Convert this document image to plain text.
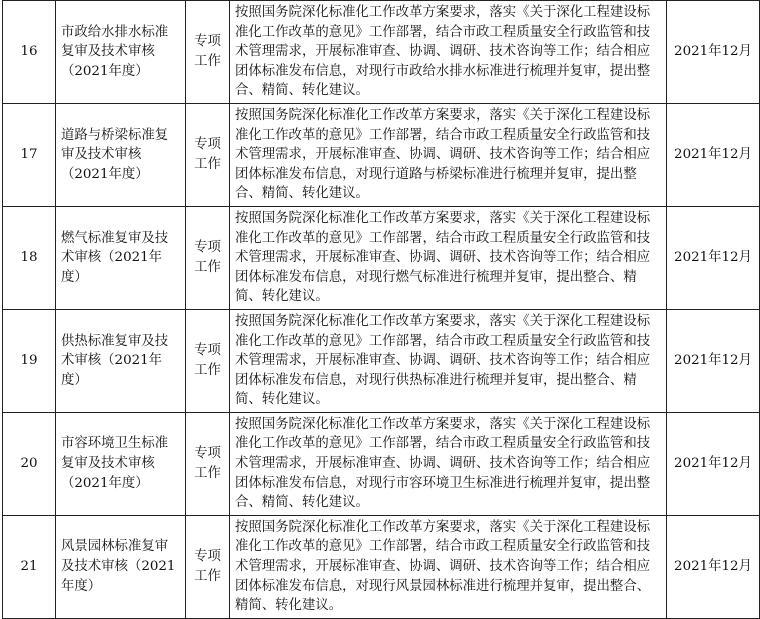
16	市政给水排水标准复审及技术审核（2021年度）	专项工作	按照国务院深化标准化工作改革方案要求，落实《关于深化工程建设标准化工作改革的意见》工作部署，结合市政工程质量安全行政监管和技术管理需求，开展标准审查、协调、调研、技术咨询等工作；结合相应团体标准发布信息，对现行市政给水排水标准进行梳理并复审，提出整合、精简、转化建议。	2021年12月
17	道路与桥梁标准复审及技术审核（2021年度）	专项工作	按照国务院深化标准化工作改革方案要求，落实《关于深化工程建设标准化工作改革的意见》工作部署，结合市政工程质量安全行政监管和技术管理需求，开展标准审查、协调、调研、技术咨询等工作；结合相应团体标准发布信息，对现行道路与桥梁标准进行梳理并复审，提出整合、精简、转化建议。	2021年12月
18	燃气标准复审及技术审核（2021年度）	专项工作	按照国务院深化标准化工作改革方案要求，落实《关于深化工程建设标准化工作改革的意见》工作部署，结合市政工程质量安全行政监管和技术管理需求，开展标准审查、协调、调研、技术咨询等工作；结合相应团体标准发布信息，对现行燃气标准进行梳理并复审，提出整合、精简、转化建议。	2021年12月
19	供热标准复审及技术审核（2021年度）	专项工作	按照国务院深化标准化工作改革方案要求，落实《关于深化工程建设标准化工作改革的意见》工作部署，结合市政工程质量安全行政监管和技术管理需求，开展标准审查、协调、调研、技术咨询等工作；结合相应团体标准发布信息，对现行供热标准进行梳理并复审，提出整合、精简、转化建议。	2021年12月
20	市容环境卫生标准复审及技术审核（2021年度）	专项工作	按照国务院深化标准化工作改革方案要求，落实《关于深化工程建设标准化工作改革的意见》工作部署，结合市政工程质量安全行政监管和技术管理需求，开展标准审查、协调、调研、技术咨询等工作；结合相应团体标准发布信息，对现行市容环境卫生标准进行梳理并复审，提出整合、精简、转化建议。	2021年12月
21	风景园林标准复审及技术审核（2021年度）	专项工作	按照国务院深化标准化工作改革方案要求，落实《关于深化工程建设标准化工作改革的意见》工作部署，结合市政工程质量安全行政监管和技术管理需求，开展标准审查、协调、调研、技术咨询等工作；结合相应团体标准发布信息，对现行风景园林标准进行梳理并复审，提出整合、精简、转化建议。	2021年12月
